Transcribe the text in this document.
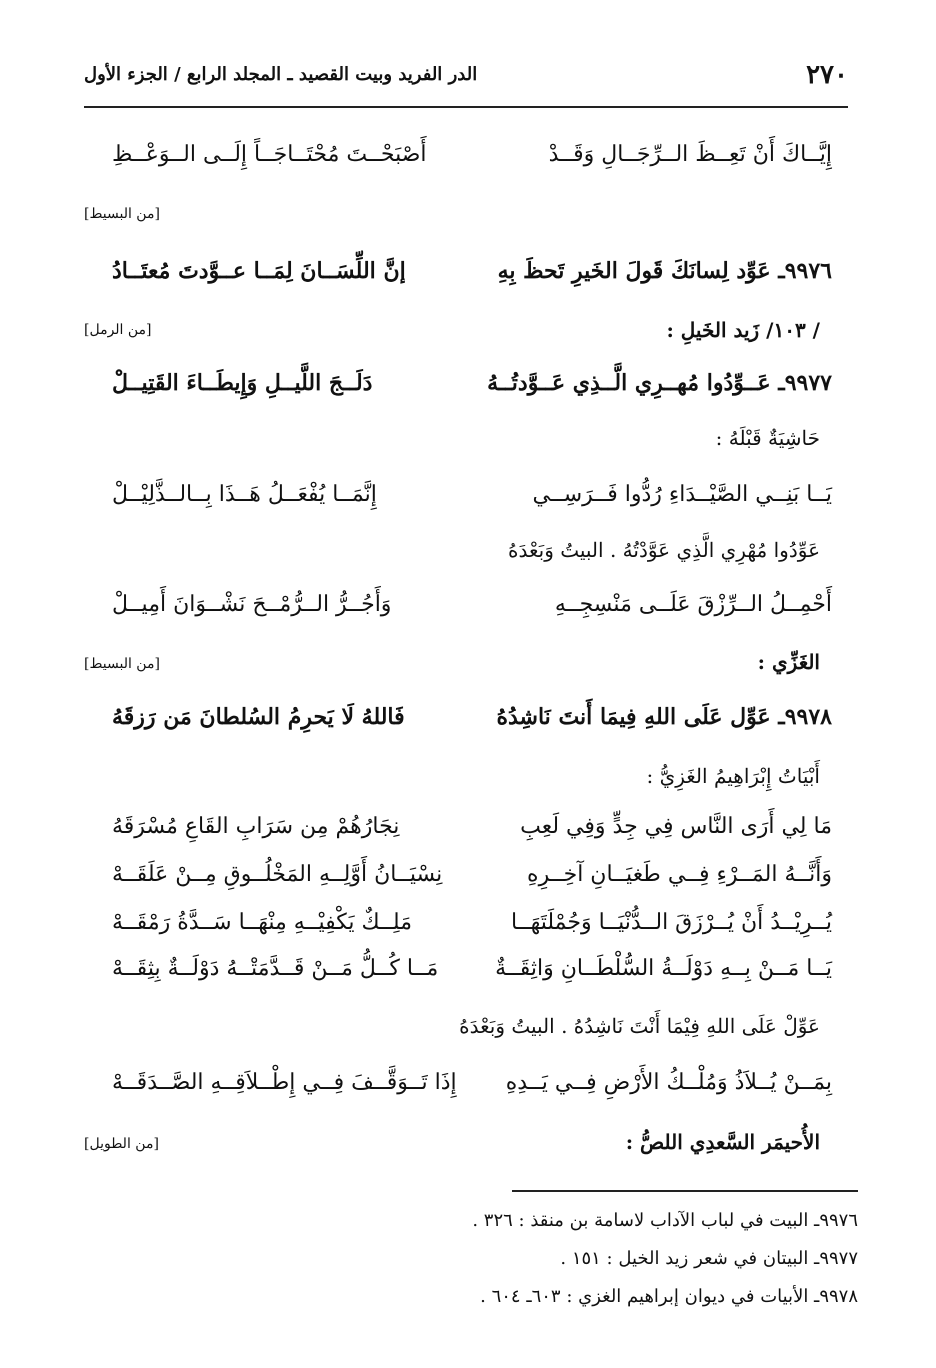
٢٧٠
الدر الفريد وبيت القصيد ـ المجلد الرابع / الجزء الأول
إِيَّــاكَ أَنْ تَعِــظَ الــرِّجَــالِ وَقَــدْ
أَصْبَحْــتَ مُحْتَــاجَــاً إِلَــى الــوَعْــظِ
[من البسيط]
٩٩٧٦ـ عَوِّد لِسانَكَ قَولَ الخَيرِ تَحظَ بِهِ
إنَّ اللِّسَــانَ لِمَــا عــوَّدتَ مُعتَــادُ
/ ١٠٣/ زَيد الخَيلِ :
[من الرمل]
٩٩٧٧ـ عَــوِّدُوا مُهــرِي الَّــذِي عَــوَّدتُــهُ
دَلَــجَ اللَّيــلِ وَإِيطَــاءَ القَتِيــلْ
حَاشِيَةٌ قَبْلَهُ :
يَــا بَنِــي الصَّيْــدَاءِ رُدُّوا فَــرَسِــي
إِنَّمَــا يُفْعَــلُ هَــذَا بِــالــذَّلِيْــلْ
عَوِّدُوا مُهْرِي الَّذِي عَوَّدْتُهُ . البيتُ وَبَعْدَهُ
أَحْمِــلُ الــرِّزْقَ عَلَــى مَنْسِجِــهِ
وَأَجُــرُّ الــرُّمْــحَ نَشْــوَانَ أَمِيــلْ
الغَزِّي :
[من البسيط]
٩٩٧٨ـ عَوِّل عَلَى اللهِ فِيمَا أَنتَ نَاشِدُهُ
فَاللهُ لَا يَحرِمُ السُلطانَ مَن رَزقَهُ
أَبْيَاتُ إِبْرَاهِيمُ الغَزِيُّ :
مَا لِي أَرَى النَّاس فِي جِدٍّ وَفِي لَعِبِ
نِجَارُهُمْ مِن سَرَابِ القَاعِ مُسْرَقَهُ
وَأَنَّــهُ المَــرْءِ فِــي طَغيَــانِ آخِــرِهِ
نِسْيَــانُ أَوَّلِــهِ المَخْلُــوقِ مِــنْ عَلَقَــهْ
يُــرِيْــدُ أَنْ يُــرْزَقَ الــدُّنْيَــا وَجُمْلَتَهَــا
مَلِــكٌ يَكْفِيْــهِ مِنْهَــا سَــدَّةُ رَمْقَــهْ
يَــا مَــنْ بِــهِ دَوْلَــةُ السُّلْطَــانِ وَاثِقَــةٌ
مَــا كُــلُّ مَــنْ قَــدَّمَتْــهُ دَوْلَــةٌ بِثِقَــهْ
عَوِّلْ عَلَى اللهِ فِيْمَا أَنْتَ نَاشِدُهُ . البيتُ وَبَعْدَهُ
بِمَــنْ يُــلاَذُ وَمُلْــكُ الأَرْضِ فِــي يَــدِهِ
إِذَا تَــوَقَّــفَ فِــي إِطْــلاَقِــهِ الصَّــدَقَــهْ
الأُحيمَر السَّعدِي اللصُّ :
[من الطويل]
٩٩٧٦ـ البيت في لباب الآداب لاسامة بن منقذ : ٣٢٦ .
٩٩٧٧ـ البيتان في شعر زيد الخيل : ١٥١ .
٩٩٧٨ـ الأبيات في ديوان إبراهيم الغزي : ٦٠٣ـ ٦٠٤ .
